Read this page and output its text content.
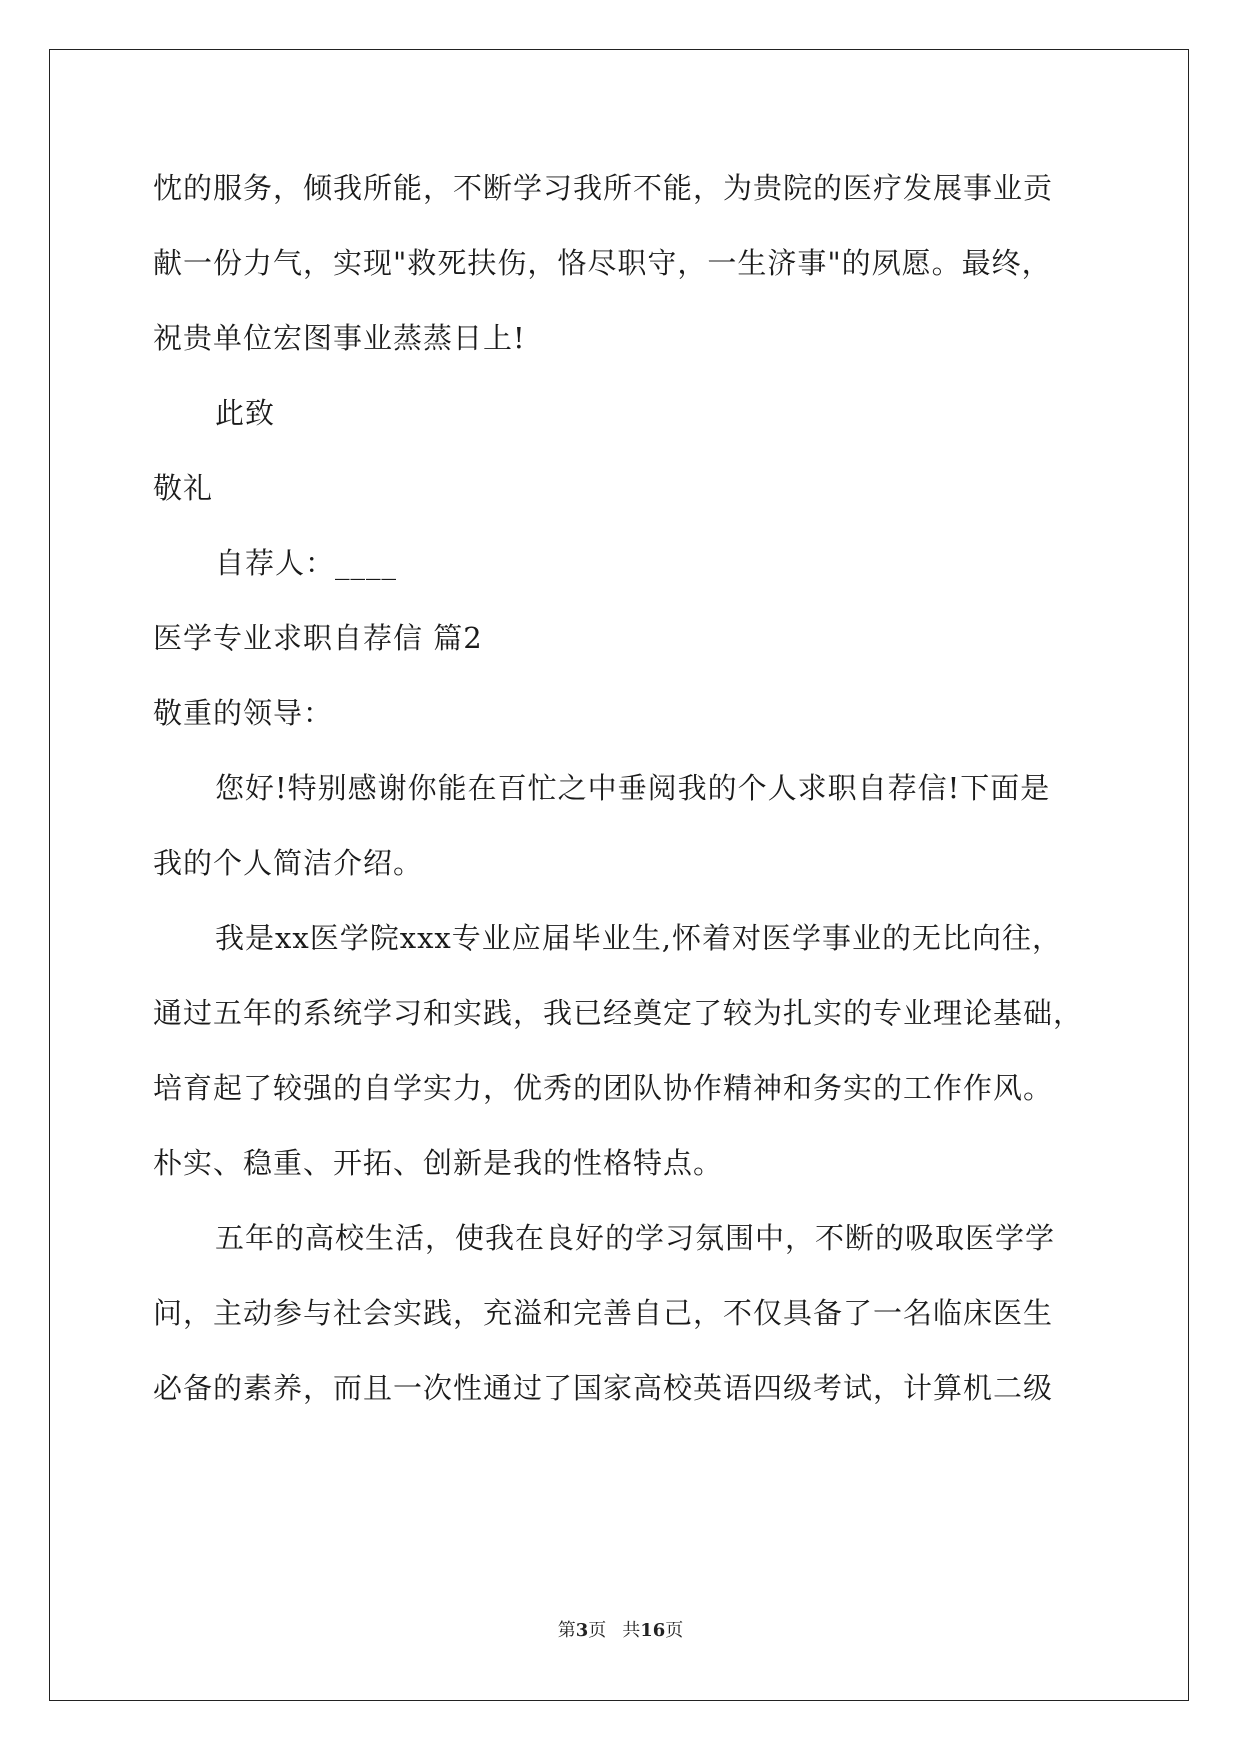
忱的服务，倾我所能，不断学习我所不能，为贵院的医疗发展事业贡
献一份力气，实现"救死扶伤，恪尽职守，一生济事"的夙愿。最终，
祝贵单位宏图事业蒸蒸日上!
此致
敬礼
自荐人：____
医学专业求职自荐信 篇2
敬重的领导：
您好!特别感谢你能在百忙之中垂阅我的个人求职自荐信!下面是
我的个人简洁介绍。
我是xx医学院xxx专业应届毕业生,怀着对医学事业的无比向往，
通过五年的系统学习和实践，我已经奠定了较为扎实的专业理论基础，
培育起了较强的自学实力，优秀的团队协作精神和务实的工作作风。
朴实、稳重、开拓、创新是我的性格特点。
五年的高校生活，使我在良好的学习氛围中，不断的吸取医学学
问，主动参与社会实践，充溢和完善自己，不仅具备了一名临床医生
必备的素养，而且一次性通过了国家高校英语四级考试，计算机二级
第3页 共16页
